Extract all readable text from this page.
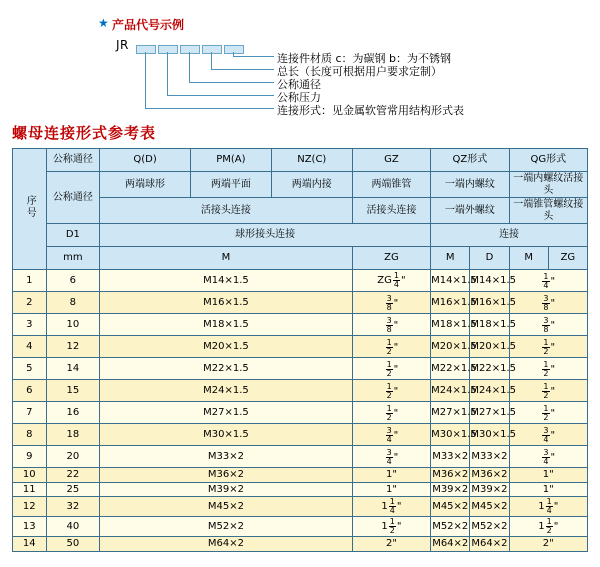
★ 产品代号示例
JR
连接件材质 c：为碳钢 b：为不锈钢
总长（长度可根据用户要求定制）
公称通径
公称压力
连接形式：见金属软管常用结构形式表
螺母连接形式参考表
序号	公称通径	Q(D)	PM(A)	NZ(C)	GZ	QZ形式		QG形式	
	公称通径	两端球形	两端平面	两端内接	两端锥管	一端内螺纹		一端内螺纹活接头	
		活接头连接			活接头连接	一端外螺纹		一端锥管螺纹接头	
	D1	球形接头连接				连接			
	mm	M			ZG	M	D	M	ZG
1	6	M14×1.5			ZG $\frac{1}{4}$ "	M14×1.5	M14×1.5	$\frac{1}{4}$ "	
2	8	M16×1.5			$\frac{3}{8}$ "	M16×1.5	M16×1.5	$\frac{3}{8}$ "	
3	10	M18×1.5			$\frac{3}{8}$ "	M18×1.5	M18×1.5	$\frac{3}{8}$ "	
4	12	M20×1.5			$\frac{1}{2}$ "	M20×1.5	M20×1.5	$\frac{1}{2}$ "	
5	14	M22×1.5			$\frac{1}{2}$ "	M22×1.5	M22×1.5	$\frac{1}{2}$ "	
6	15	M24×1.5			$\frac{1}{2}$ "	M24×1.5	M24×1.5	$\frac{1}{2}$ "	
7	16	M27×1.5			$\frac{1}{2}$ "	M27×1.5	M27×1.5	$\frac{1}{2}$ "	
8	18	M30×1.5			$\frac{3}{4}$ "	M30×1.5	M30×1.5	$\frac{3}{4}$ "	
9	20	M33×2			$\frac{3}{4}$ "	M33×2	M33×2	$\frac{3}{4}$ "	
10	22	M36×2			1"	M36×2	M36×2	1"	
11	25	M39×2			1"	M39×2	M39×2	1"	
12	32	M45×2			$1 \frac{1}{4}$ "	M45×2	M45×2	$1 \frac{1}{4}$ "	
13	40	M52×2			$1 \frac{1}{2}$ "	M52×2	M52×2	$1 \frac{1}{2}$ "	
14	50	M64×2			2"	M64×2	M64×2	2"	
